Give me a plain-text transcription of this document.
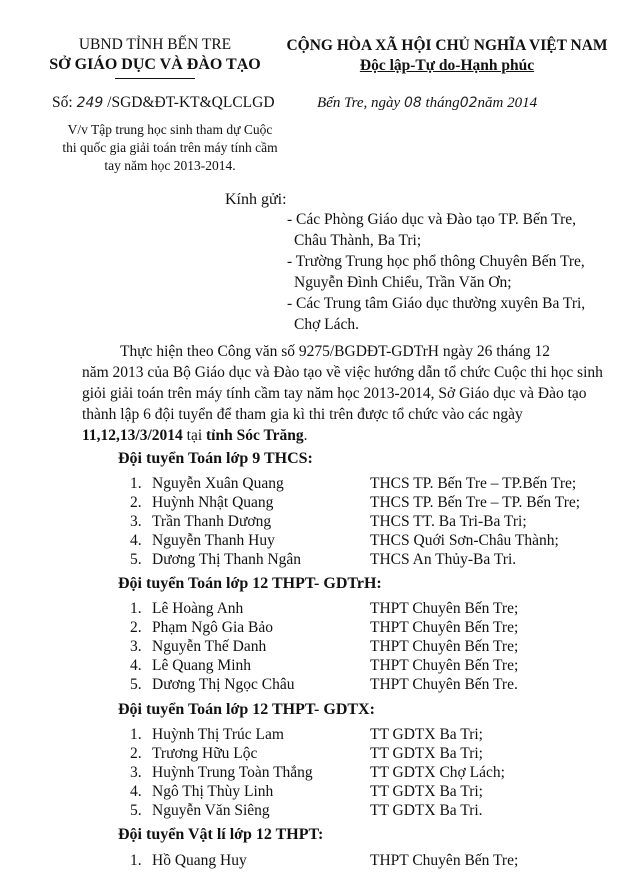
UBND TỈNH BẾN TRE
SỞ GIÁO DỤC VÀ ĐÀO TẠO
CỘNG HÒA XÃ HỘI CHỦ NGHĨA VIỆT NAM
Độc lập-Tự do-Hạnh phúc
Số: 249 /SGD&ĐT-KT&QLCLGD	Bến Tre, ngày 08 tháng02năm 2014
V/v Tập trung học sinh tham dự Cuộc
thi quốc gia giải toán trên máy tính cầm
tay năm học 2013-2014.
Kính gửi:
- Các Phòng Giáo dục và Đào tạo TP. Bến Tre,
Châu Thành, Ba Tri;
- Trường Trung học phổ thông Chuyên Bến Tre,
Nguyễn Đình Chiểu, Trần Văn Ơn;
- Các Trung tâm Giáo dục thường xuyên Ba Tri,
Chợ Lách.
Thực hiện theo Công văn số 9275/BGDĐT-GDTrH ngày 26 tháng 12
năm 2013 của Bộ Giáo dục và Đào tạo về việc hướng dẫn tổ chức Cuộc thi học sinh
giỏi giải toán trên máy tính cầm tay năm học 2013-2014, Sở Giáo dục và Đào tạo
thành lập 6 đội tuyển để tham gia kì thi trên được tổ chức vào các ngày
11,12,13/3/2014 tại tỉnh Sóc Trăng.
Đội tuyển Toán lớp 9 THCS:
1. Nguyễn Xuân Quang	THCS TP. Bến Tre – TP.Bến Tre;
2. Huỳnh Nhật Quang	THCS TP. Bến Tre – TP. Bến Tre;
3. Trần Thanh Dương	THCS TT. Ba Tri-Ba Tri;
4. Nguyễn Thanh Huy	THCS Quới Sơn-Châu Thành;
5. Dương Thị Thanh Ngân	THCS An Thủy-Ba Tri.
Đội tuyển Toán lớp 12 THPT- GDTrH:
1. Lê Hoàng Anh	THPT Chuyên Bến Tre;
2. Phạm Ngô Gia Bảo	THPT Chuyên Bến Tre;
3. Nguyễn Thế Danh	THPT Chuyên Bến Tre;
4. Lê Quang Minh	THPT Chuyên Bến Tre;
5. Dương Thị Ngọc Châu	THPT Chuyên Bến Tre.
Đội tuyển Toán lớp 12 THPT- GDTX:
1. Huỳnh Thị Trúc Lam	TT GDTX Ba Tri;
2. Trương Hữu Lộc	TT GDTX Ba Tri;
3. Huỳnh Trung Toàn Thắng	TT GDTX Chợ Lách;
4. Ngô Thị Thùy Linh	TT GDTX Ba Tri;
5. Nguyễn Văn Siêng	TT GDTX Ba Tri.
Đội tuyển Vật lí lớp 12 THPT:
1. Hồ Quang Huy	THPT Chuyên Bến Tre;
